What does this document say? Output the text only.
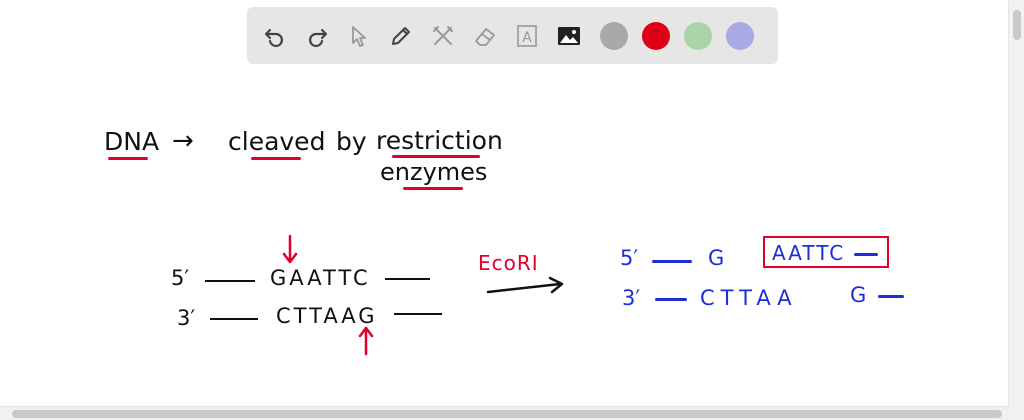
A
DNA → cleaved by restriction
enzymes
5′	GAATTC
3′	CTTAAG
EcoRI	5′	G AATTC
3′	CTTAA G
